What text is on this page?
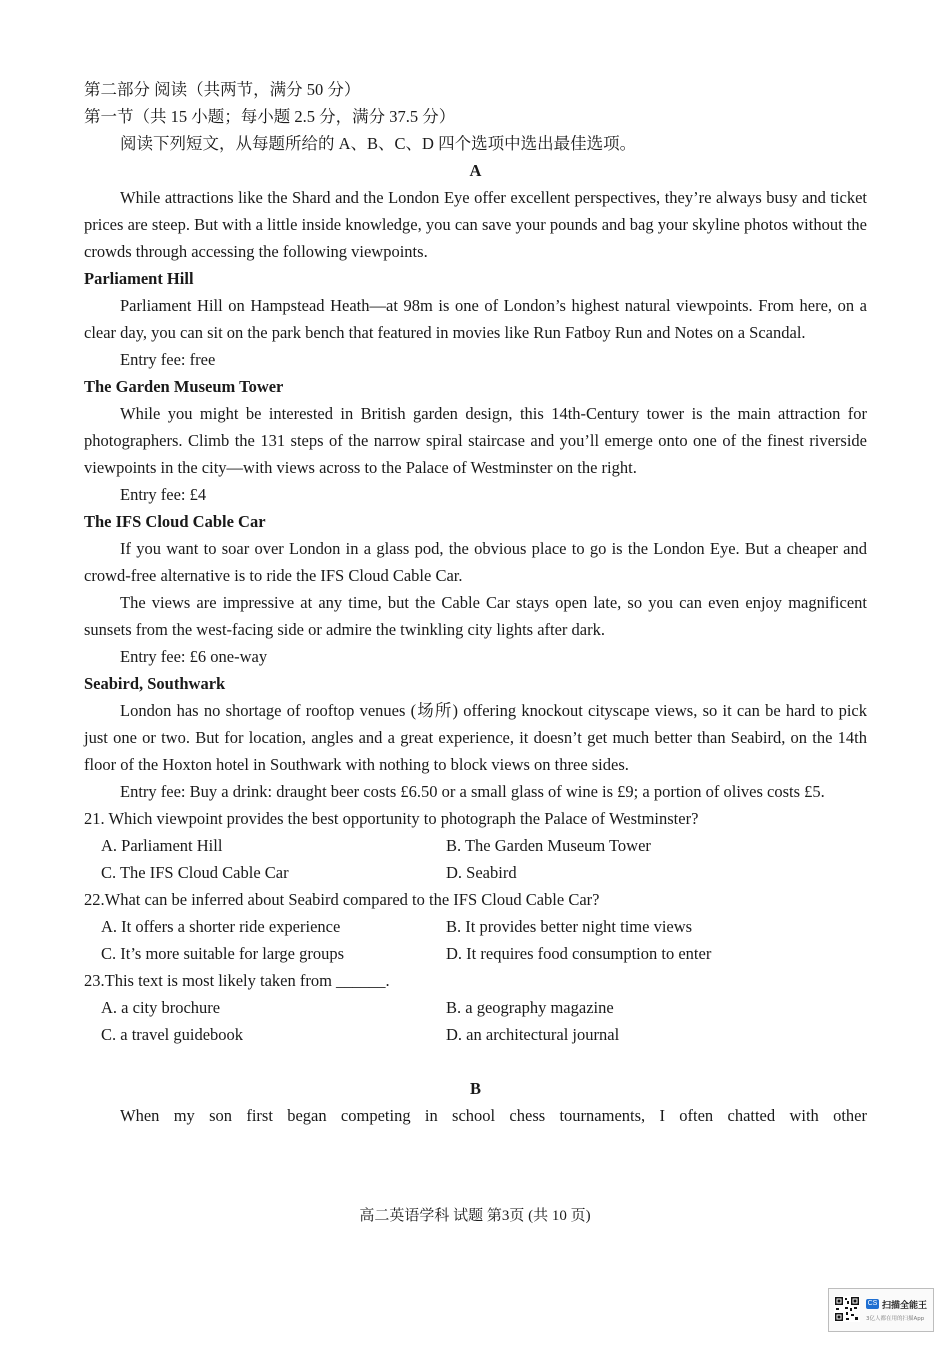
第二部分 阅读（共两节，满分 50 分）
第一节（共 15 小题；每小题 2.5 分，满分 37.5 分）
阅读下列短文，从每题所给的 A、B、C、D 四个选项中选出最佳选项。
A

While attractions like the Shard and the London Eye offer excellent perspectives, they’re always busy and ticket prices are steep. But with a little inside knowledge, you can save your pounds and bag your skyline photos without the crowds through accessing the following viewpoints.

Parliament Hill

Parliament Hill on Hampstead Heath—at 98m is one of London’s highest natural viewpoints. From here, on a clear day, you can sit on the park bench that featured in movies like Run Fatboy Run and Notes on a Scandal.

Entry fee: free
The Garden Museum Tower

While you might be interested in British garden design, this 14th-Century tower is the main attraction for photographers. Climb the 131 steps of the narrow spiral staircase and you’ll emerge onto one of the finest riverside viewpoints in the city—with views across to the Palace of Westminster on the right.

Entry fee: £4
The IFS Cloud Cable Car

If you want to soar over London in a glass pod, the obvious place to go is the London Eye. But a cheaper and crowd-free alternative is to ride the IFS Cloud Cable Car.

The views are impressive at any time, but the Cable Car stays open late, so you can even enjoy magnificent sunsets from the west-facing side or admire the twinkling city lights after dark.

Entry fee: £6 one-way
Seabird, Southwark

London has no shortage of rooftop venues (场所) offering knockout cityscape views, so it can be hard to pick just one or two. But for location, angles and a great experience, it doesn’t get much better than Seabird, on the 14th floor of the Hoxton hotel in Southwark with nothing to block views on three sides.

Entry fee: Buy a drink: draught beer costs £6.50 or a small glass of wine is £9; a portion of olives costs £5.

21. Which viewpoint provides the best opportunity to photograph the Palace of Westminster?
A. Parliament Hill	B. The Garden Museum Tower
C. The IFS Cloud Cable Car	D. Seabird
22.What can be inferred about Seabird compared to the IFS Cloud Cable Car?
A. It offers a shorter ride experience	B. It provides better night time views
C. It’s more suitable for large groups	D. It requires food consumption to enter
23.This text is most likely taken from ______.
A. a city brochure	B. a geography magazine
C. a travel guidebook	D. an architectural journal
B

When my son first began competing in school chess tournaments, I often chatted with other

高二英语学科 试题 第3页 (共 10 页)
CS 扫描全能王
3亿人都在用的扫描App
